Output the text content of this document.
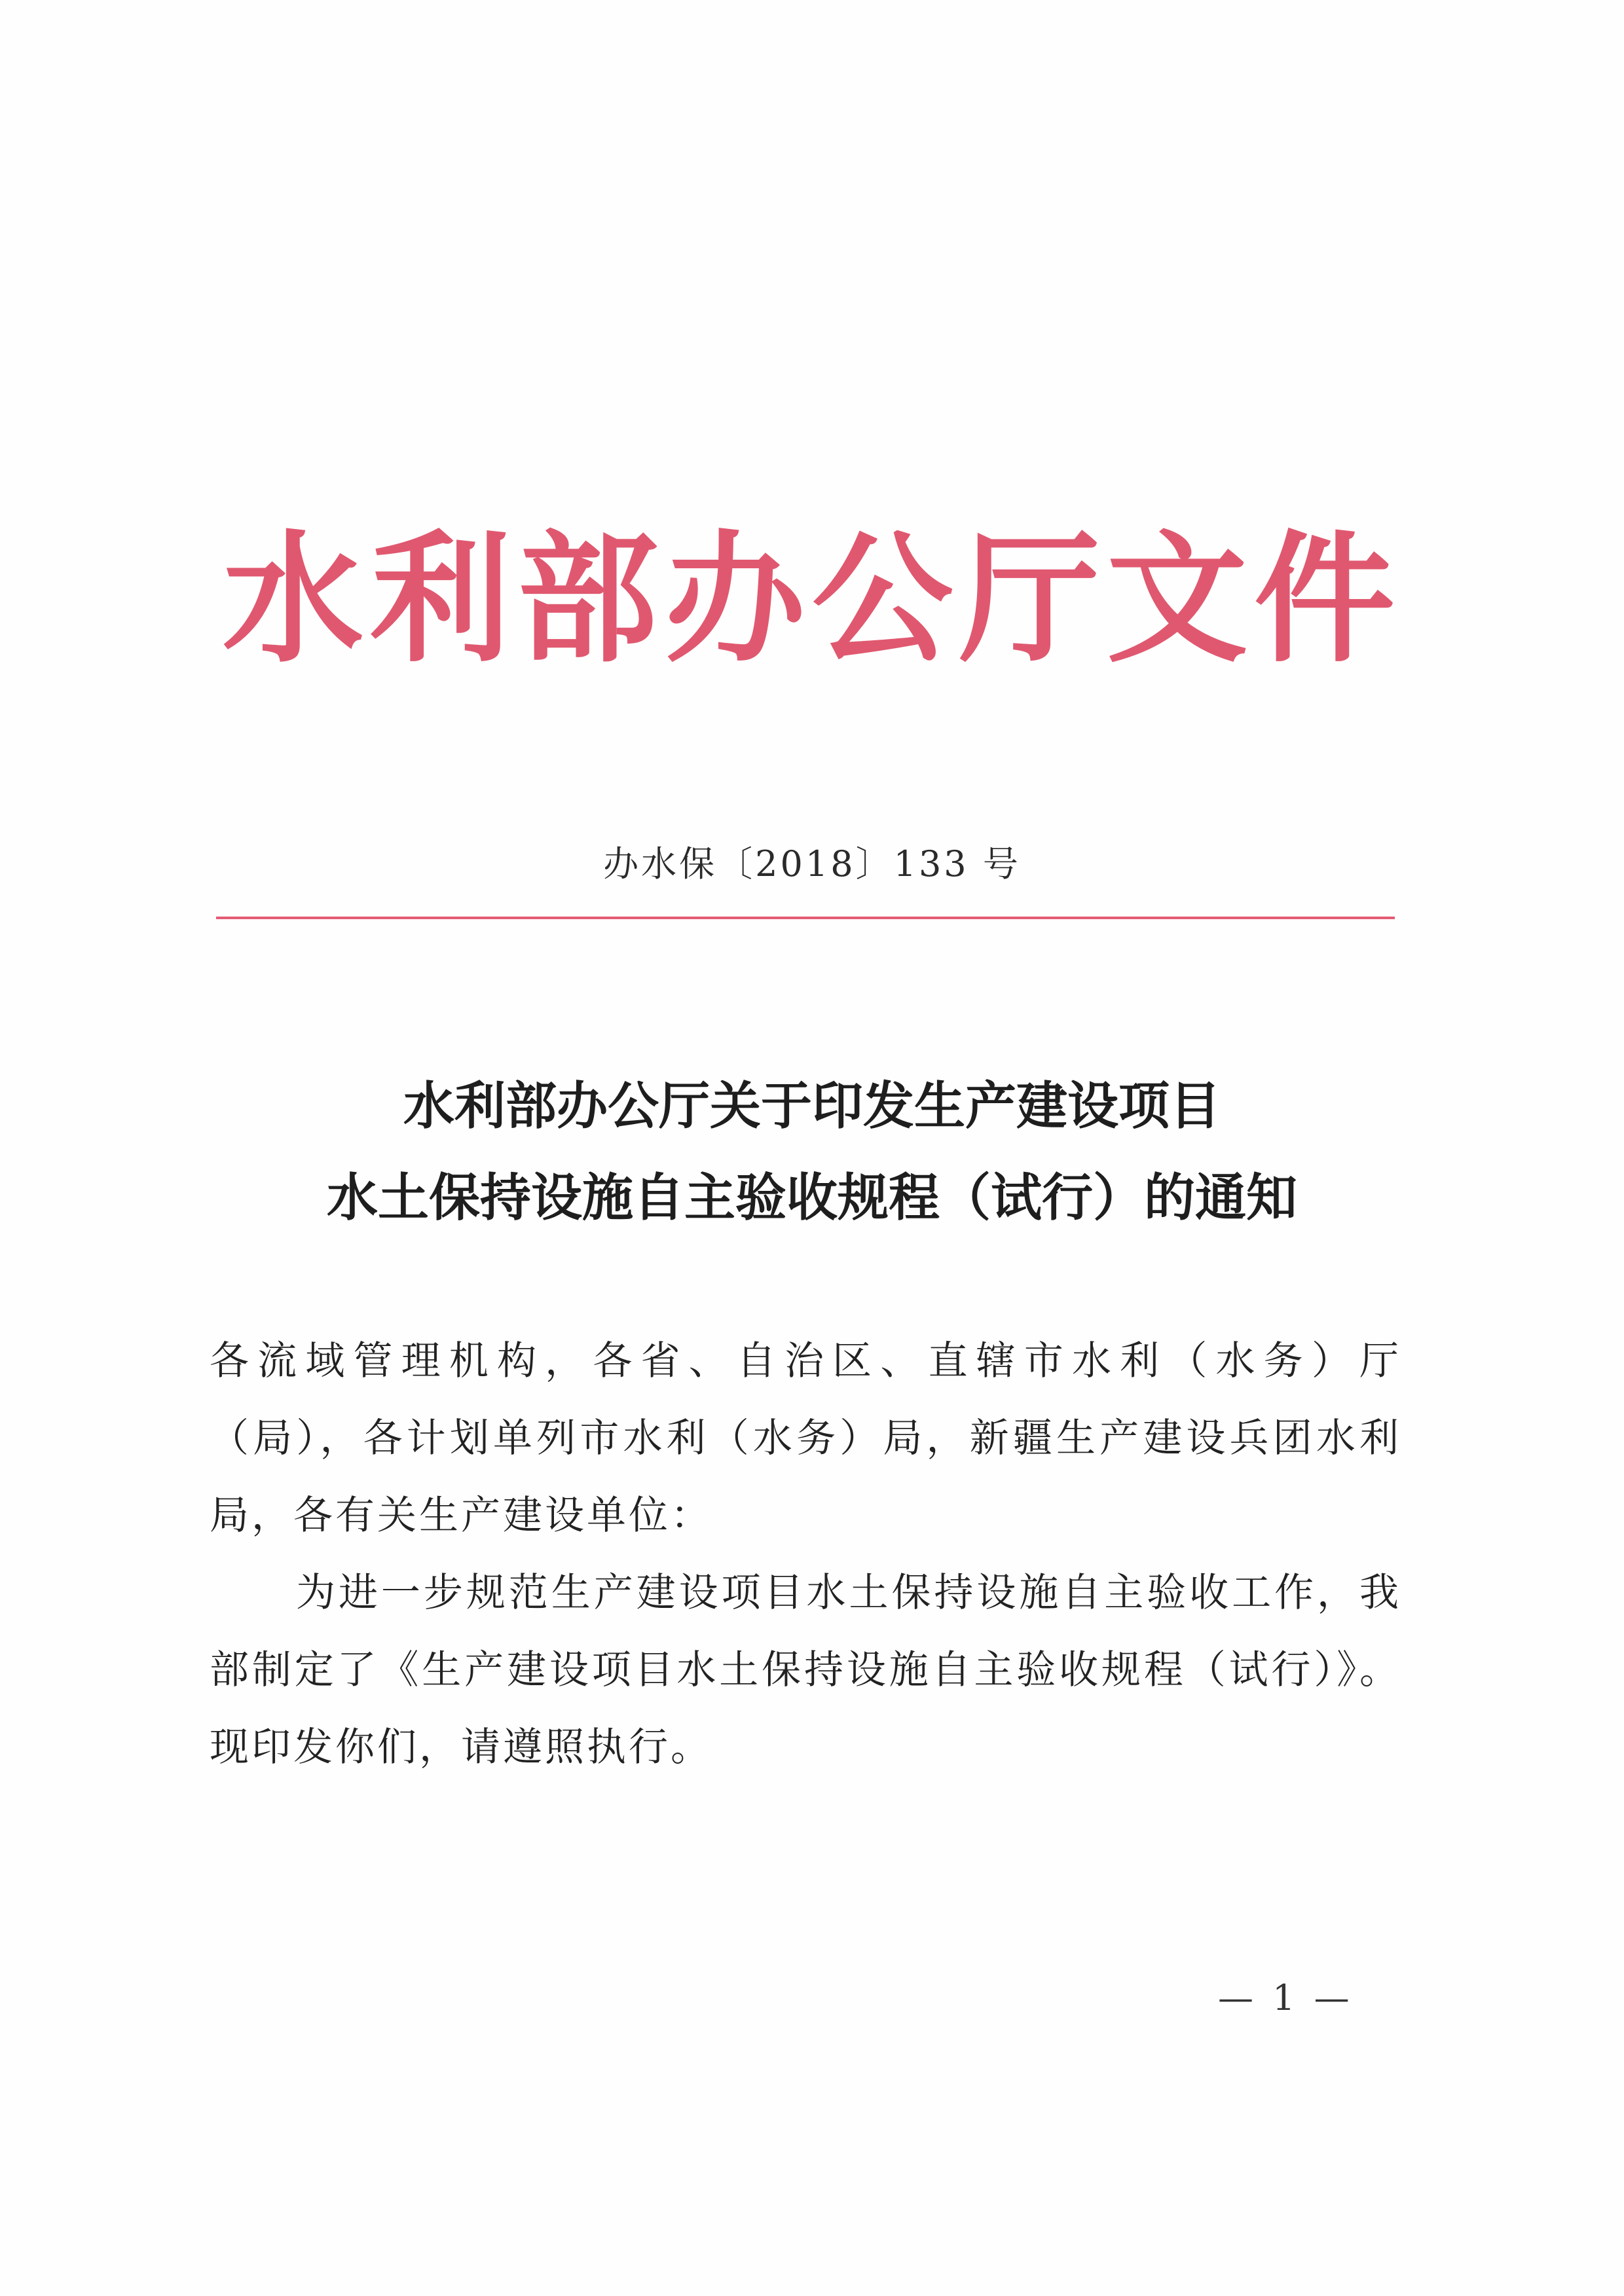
水利部办公厅文件
办水保〔2018〕133 号
水利部办公厅关于印发生产建设项目
水土保持设施自主验收规程（试行）的通知

各流域管理机构，各省、自治区、直辖市水利（水务）厅（局），各计划单列市水利（水务）局，新疆生产建设兵团水利局，各有关生产建设单位：

为进一步规范生产建设项目水土保持设施自主验收工作，我部制定了《生产建设项目水土保持设施自主验收规程（试行）》。现印发你们，请遵照执行。

— 1 —
